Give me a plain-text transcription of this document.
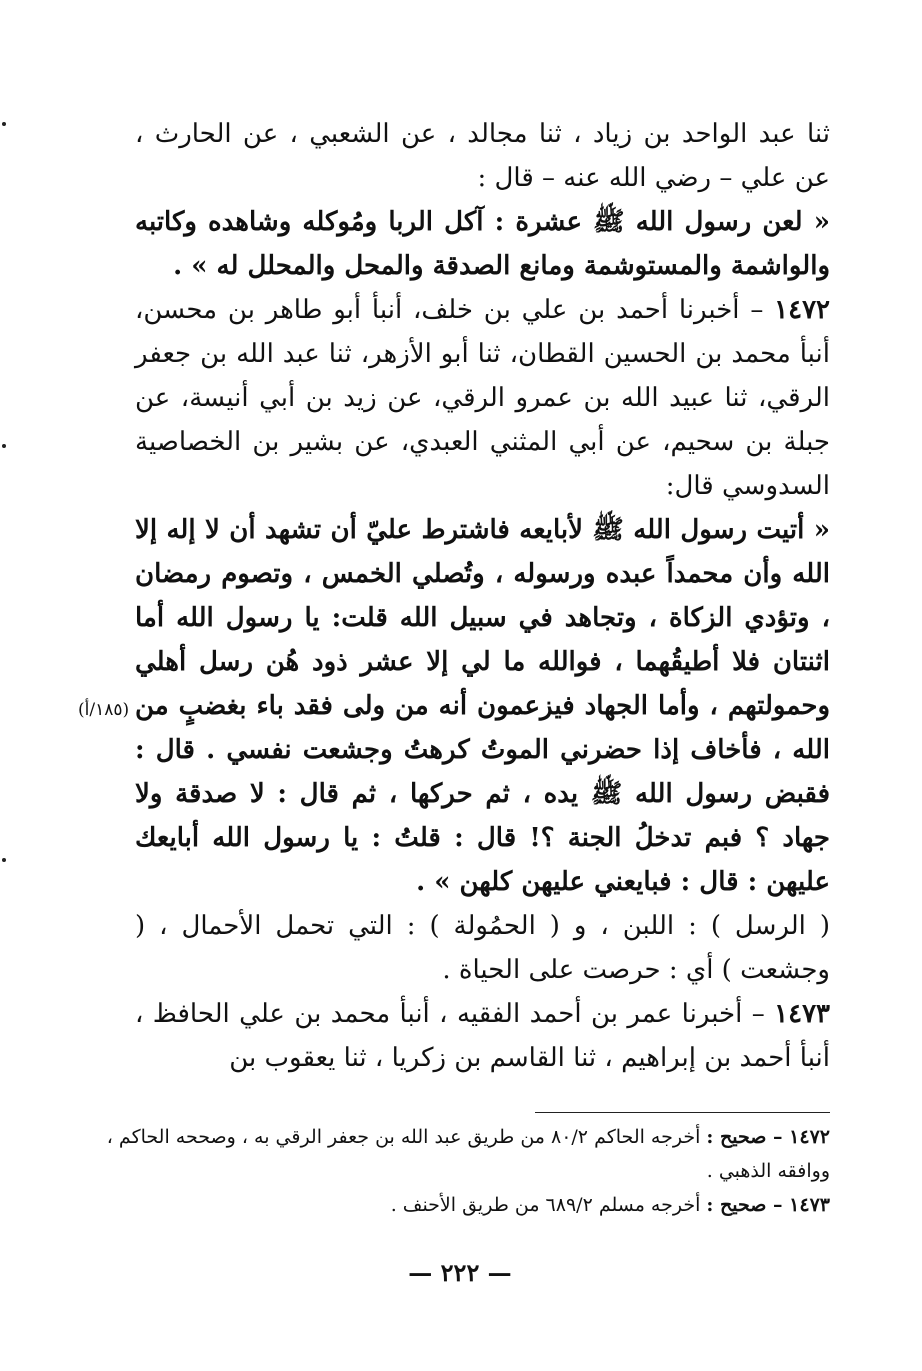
ثنا عبد الواحد بن زياد ، ثنا مجالد ، عن الشعبي ، عن الحارث ، عن علي – رضي الله عنه – قال :

« لعن رسول الله ﷺ عشرة : آكل الربا ومُوكله وشاهده وكاتبه والواشمة والمستوشمة ومانع الصدقة والمحل والمحلل له » .

١٤٧٢ – أخبرنا أحمد بن علي بن خلف، أنبأ أبو طاهر بن محسن، أنبأ محمد بن الحسين القطان، ثنا أبو الأزهر، ثنا عبد الله بن جعفر الرقي، ثنا عبيد الله بن عمرو الرقي، عن زيد بن أبي أنيسة، عن جبلة بن سحيم، عن أبي المثني العبدي، عن بشير بن الخصاصية السدوسي قال:

« أتيت رسول الله ﷺ لأبايعه فاشترط عليّ أن تشهد أن لا إله إلا الله وأن محمداً عبده ورسوله ، وتُصلي الخمس ، وتصوم رمضان ، وتؤدي الزكاة ، وتجاهد في سبيل الله قلت: يا رسول الله أما اثنتان فلا أطيقُهما ، فوالله ما لي إلا عشر ذود هُن رسل أهلي وحمولتهم ، وأما الجهاد فيزعمون أنه من ولى فقد باء بغضبٍ من الله ، فأخاف إذا حضرني الموتُ كرهتُ وجشعت نفسي . قال : فقبض رسول الله ﷺ يده ، ثم حركها ، ثم قال : لا صدقة ولا جهاد ؟ فبم تدخلُ الجنة ؟! قال : قلتُ : يا رسول الله أبايعك عليهن : قال : فبايعني عليهن كلهن » .

( الرسل ) : اللبن ، و ( الحمُولة ) : التي تحمل الأحمال ، ( وجشعت ) أي : حرصت على الحياة .

١٤٧٣ – أخبرنا عمر بن أحمد الفقيه ، أنبأ محمد بن علي الحافظ ، أنبأ أحمد بن إبراهيم ، ثنا القاسم بن زكريا ، ثنا يعقوب بن

(١٨٥/أ)

١٤٧٢ – صحيح : أخرجه الحاكم ٨٠/٢ من طريق عبد الله بن جعفر الرقي به ، وصححه الحاكم ، ووافقه الذهبي .

١٤٧٣ – صحيح : أخرجه مسلم ٦٨٩/٢ من طريق الأحنف .

— ٢٢٢ —
